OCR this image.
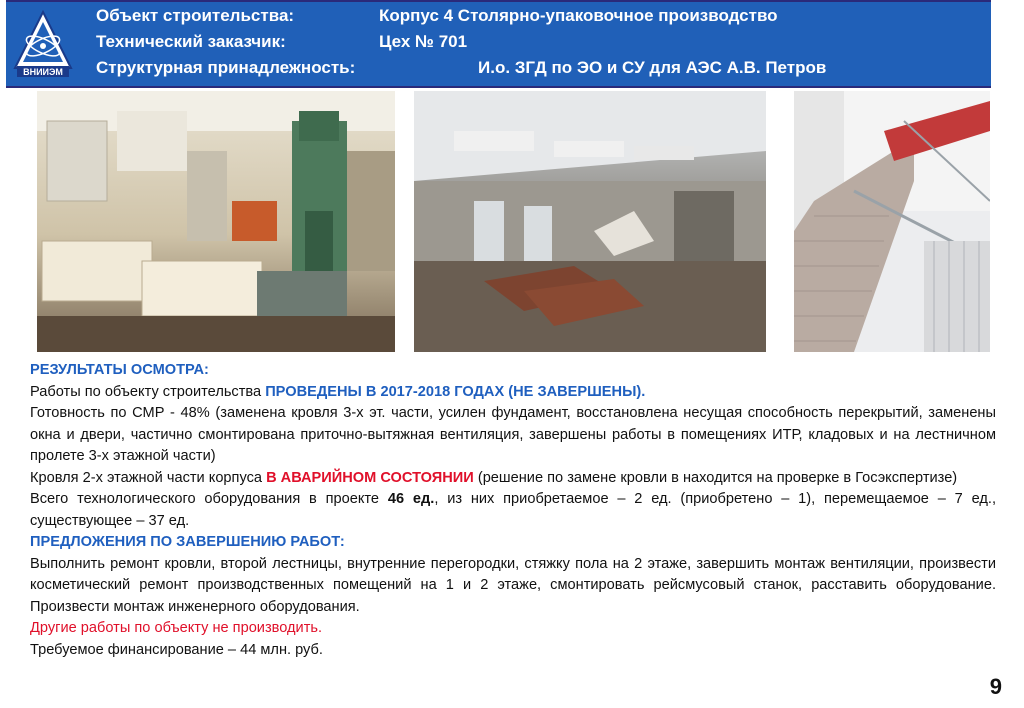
ВНИИЭМ
Объект строительства:	Корпус 4 Столярно-упаковочное производство
Технический заказчик:	Цех № 701
Структурная принадлежность:	И.о. ЗГД по ЭО и СУ для АЭС А.В. Петров

РЕЗУЛЬТАТЫ ОСМОТРА:

Работы по объекту строительства ПРОВЕДЕНЫ В 2017-2018 ГОДАХ (НЕ ЗАВЕРШЕНЫ).

Готовность по СМР - 48% (заменена кровля 3-х эт. части, усилен фундамент, восстановлена несущая способность перекрытий, заменены окна и двери, частично смонтирована приточно-вытяжная вентиляция, завершены работы в помещениях ИТР, кладовых и на лестничном пролете 3-х этажной части)

Кровля 2-х этажной части корпуса В АВАРИЙНОМ СОСТОЯНИИ (решение по замене кровли в находится на проверке в Госэкспертизе)

Всего технологического оборудования в проекте 46 ед., из них приобретаемое – 2 ед. (приобретено – 1), перемещаемое – 7 ед., существующее – 37 ед.

ПРЕДЛОЖЕНИЯ ПО ЗАВЕРШЕНИЮ РАБОТ:

Выполнить ремонт кровли, второй лестницы, внутренние перегородки, стяжку пола на 2 этаже, завершить монтаж вентиляции, произвести косметический ремонт производственных помещений на 1 и 2 этаже, смонтировать рейсмусовый станок, расставить оборудование. Произвести монтаж инженерного оборудования.

Другие работы по объекту не производить.

Требуемое финансирование – 44 млн. руб.

9
